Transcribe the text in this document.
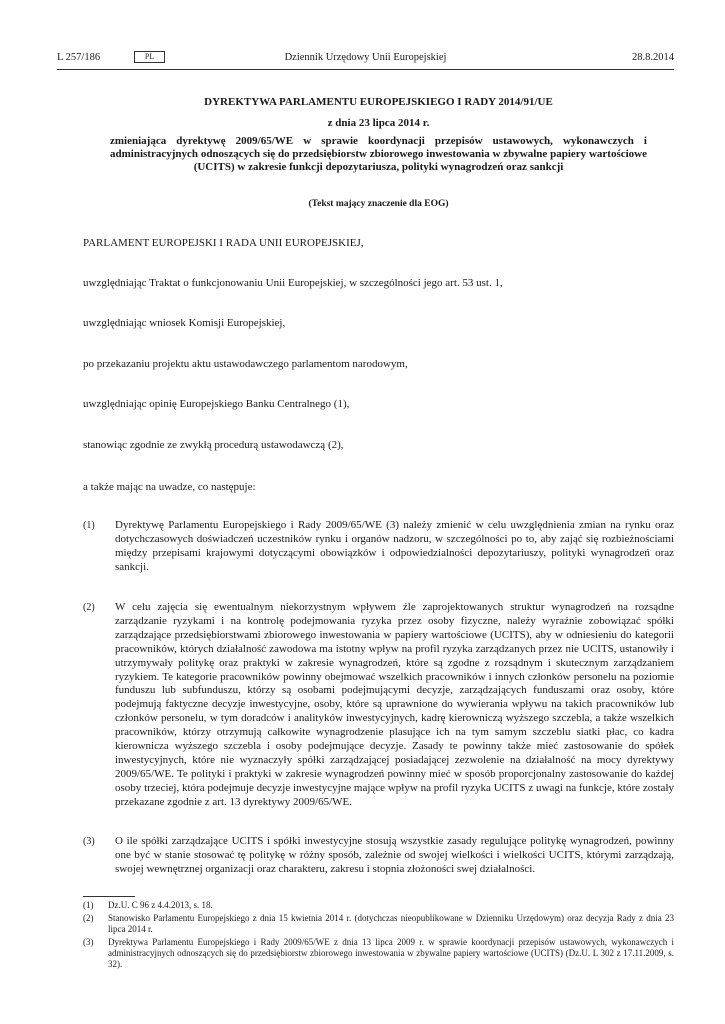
L 257/186	PL	Dziennik Urzędowy Unii Europejskiej	28.8.2014
DYREKTYWA PARLAMENTU EUROPEJSKIEGO I RADY 2014/91/UE
z dnia 23 lipca 2014 r.
zmieniająca dyrektywę 2009/65/WE w sprawie koordynacji przepisów ustawowych, wykonawczych i administracyjnych odnoszących się do przedsiębiorstw zbiorowego inwestowania w zbywalne papiery wartościowe (UCITS) w zakresie funkcji depozytariusza, polityki wynagrodzeń oraz sankcji
(Tekst mający znaczenie dla EOG)
PARLAMENT EUROPEJSKI I RADA UNII EUROPEJSKIEJ,
uwzględniając Traktat o funkcjonowaniu Unii Europejskiej, w szczególności jego art. 53 ust. 1,
uwzględniając wniosek Komisji Europejskiej,
po przekazaniu projektu aktu ustawodawczego parlamentom narodowym,
uwzględniając opinię Europejskiego Banku Centralnego (1),
stanowiąc zgodnie ze zwykłą procedurą ustawodawczą (2),
a także mając na uwadze, co następuje:
(1) Dyrektywę Parlamentu Europejskiego i Rady 2009/65/WE (3) należy zmienić w celu uwzględnienia zmian na rynku oraz dotychczasowych doświadczeń uczestników rynku i organów nadzoru, w szczególności po to, aby zająć się rozbieżnościami między przepisami krajowymi dotyczącymi obowiązków i odpowiedzialności depozytariuszy, polityki wynagrodzeń oraz sankcji.
(2) W celu zajęcia się ewentualnym niekorzystnym wpływem źle zaprojektowanych struktur wynagrodzeń na rozsądne zarządzanie ryzykami i na kontrolę podejmowania ryzyka przez osoby fizyczne, należy wyraźnie zobowiązać spółki zarządzające przedsiębiorstwami zbiorowego inwestowania w papiery wartościowe (UCITS), aby w odniesieniu do kategorii pracowników, których działalność zawodowa ma istotny wpływ na profil ryzyka zarządzanych przez nie UCITS, ustanowiły i utrzymywały politykę oraz praktyki w zakresie wynagrodzeń, które są zgodne z rozsądnym i skutecznym zarządzaniem ryzykiem. Te kategorie pracowników powinny obejmować wszelkich pracowników i innych członków personelu na poziomie funduszu lub subfunduszu, którzy są osobami podejmującymi decyzje, zarządzających funduszami oraz osoby, które podejmują faktyczne decyzje inwestycyjne, osoby, które są uprawnione do wywierania wpływu na takich pracowników lub członków personelu, w tym doradców i analityków inwestycyjnych, kadrę kierowniczą wyższego szczebla, a także wszelkich pracowników, którzy otrzymują całkowite wynagrodzenie plasujące ich na tym samym szczeblu siatki płac, co kadra kierownicza wyższego szczebla i osoby podejmujące decyzje. Zasady te powinny także mieć zastosowanie do spółek inwestycyjnych, które nie wyznaczyły spółki zarządzającej posiadającej zezwolenie na działalność na mocy dyrektywy 2009/65/WE. Te polityki i praktyki w zakresie wynagrodzeń powinny mieć w sposób proporcjonalny zastosowanie do każdej osoby trzeciej, która podejmuje decyzje inwestycyjne mające wpływ na profil ryzyka UCITS z uwagi na funkcje, które zostały przekazane zgodnie z art. 13 dyrektywy 2009/65/WE.
(3) O ile spółki zarządzające UCITS i spółki inwestycyjne stosują wszystkie zasady regulujące politykę wynagrodzeń, powinny one być w stanie stosować tę politykę w różny sposób, zależnie od swojej wielkości i wielkości UCITS, którymi zarządzają, swojej wewnętrznej organizacji oraz charakteru, zakresu i stopnia złożoności swej działalności.
(1) Dz.U. C 96 z 4.4.2013, s. 18.
(2) Stanowisko Parlamentu Europejskiego z dnia 15 kwietnia 2014 r. (dotychczas nieopublikowane w Dzienniku Urzędowym) oraz decyzja Rady z dnia 23 lipca 2014 r.
(3) Dyrektywa Parlamentu Europejskiego i Rady 2009/65/WE z dnia 13 lipca 2009 r. w sprawie koordynacji przepisów ustawowych, wykonawczych i administracyjnych odnoszących się do przedsiębiorstw zbiorowego inwestowania w zbywalne papiery wartościowe (UCITS) (Dz.U. L 302 z 17.11.2009, s. 32).
